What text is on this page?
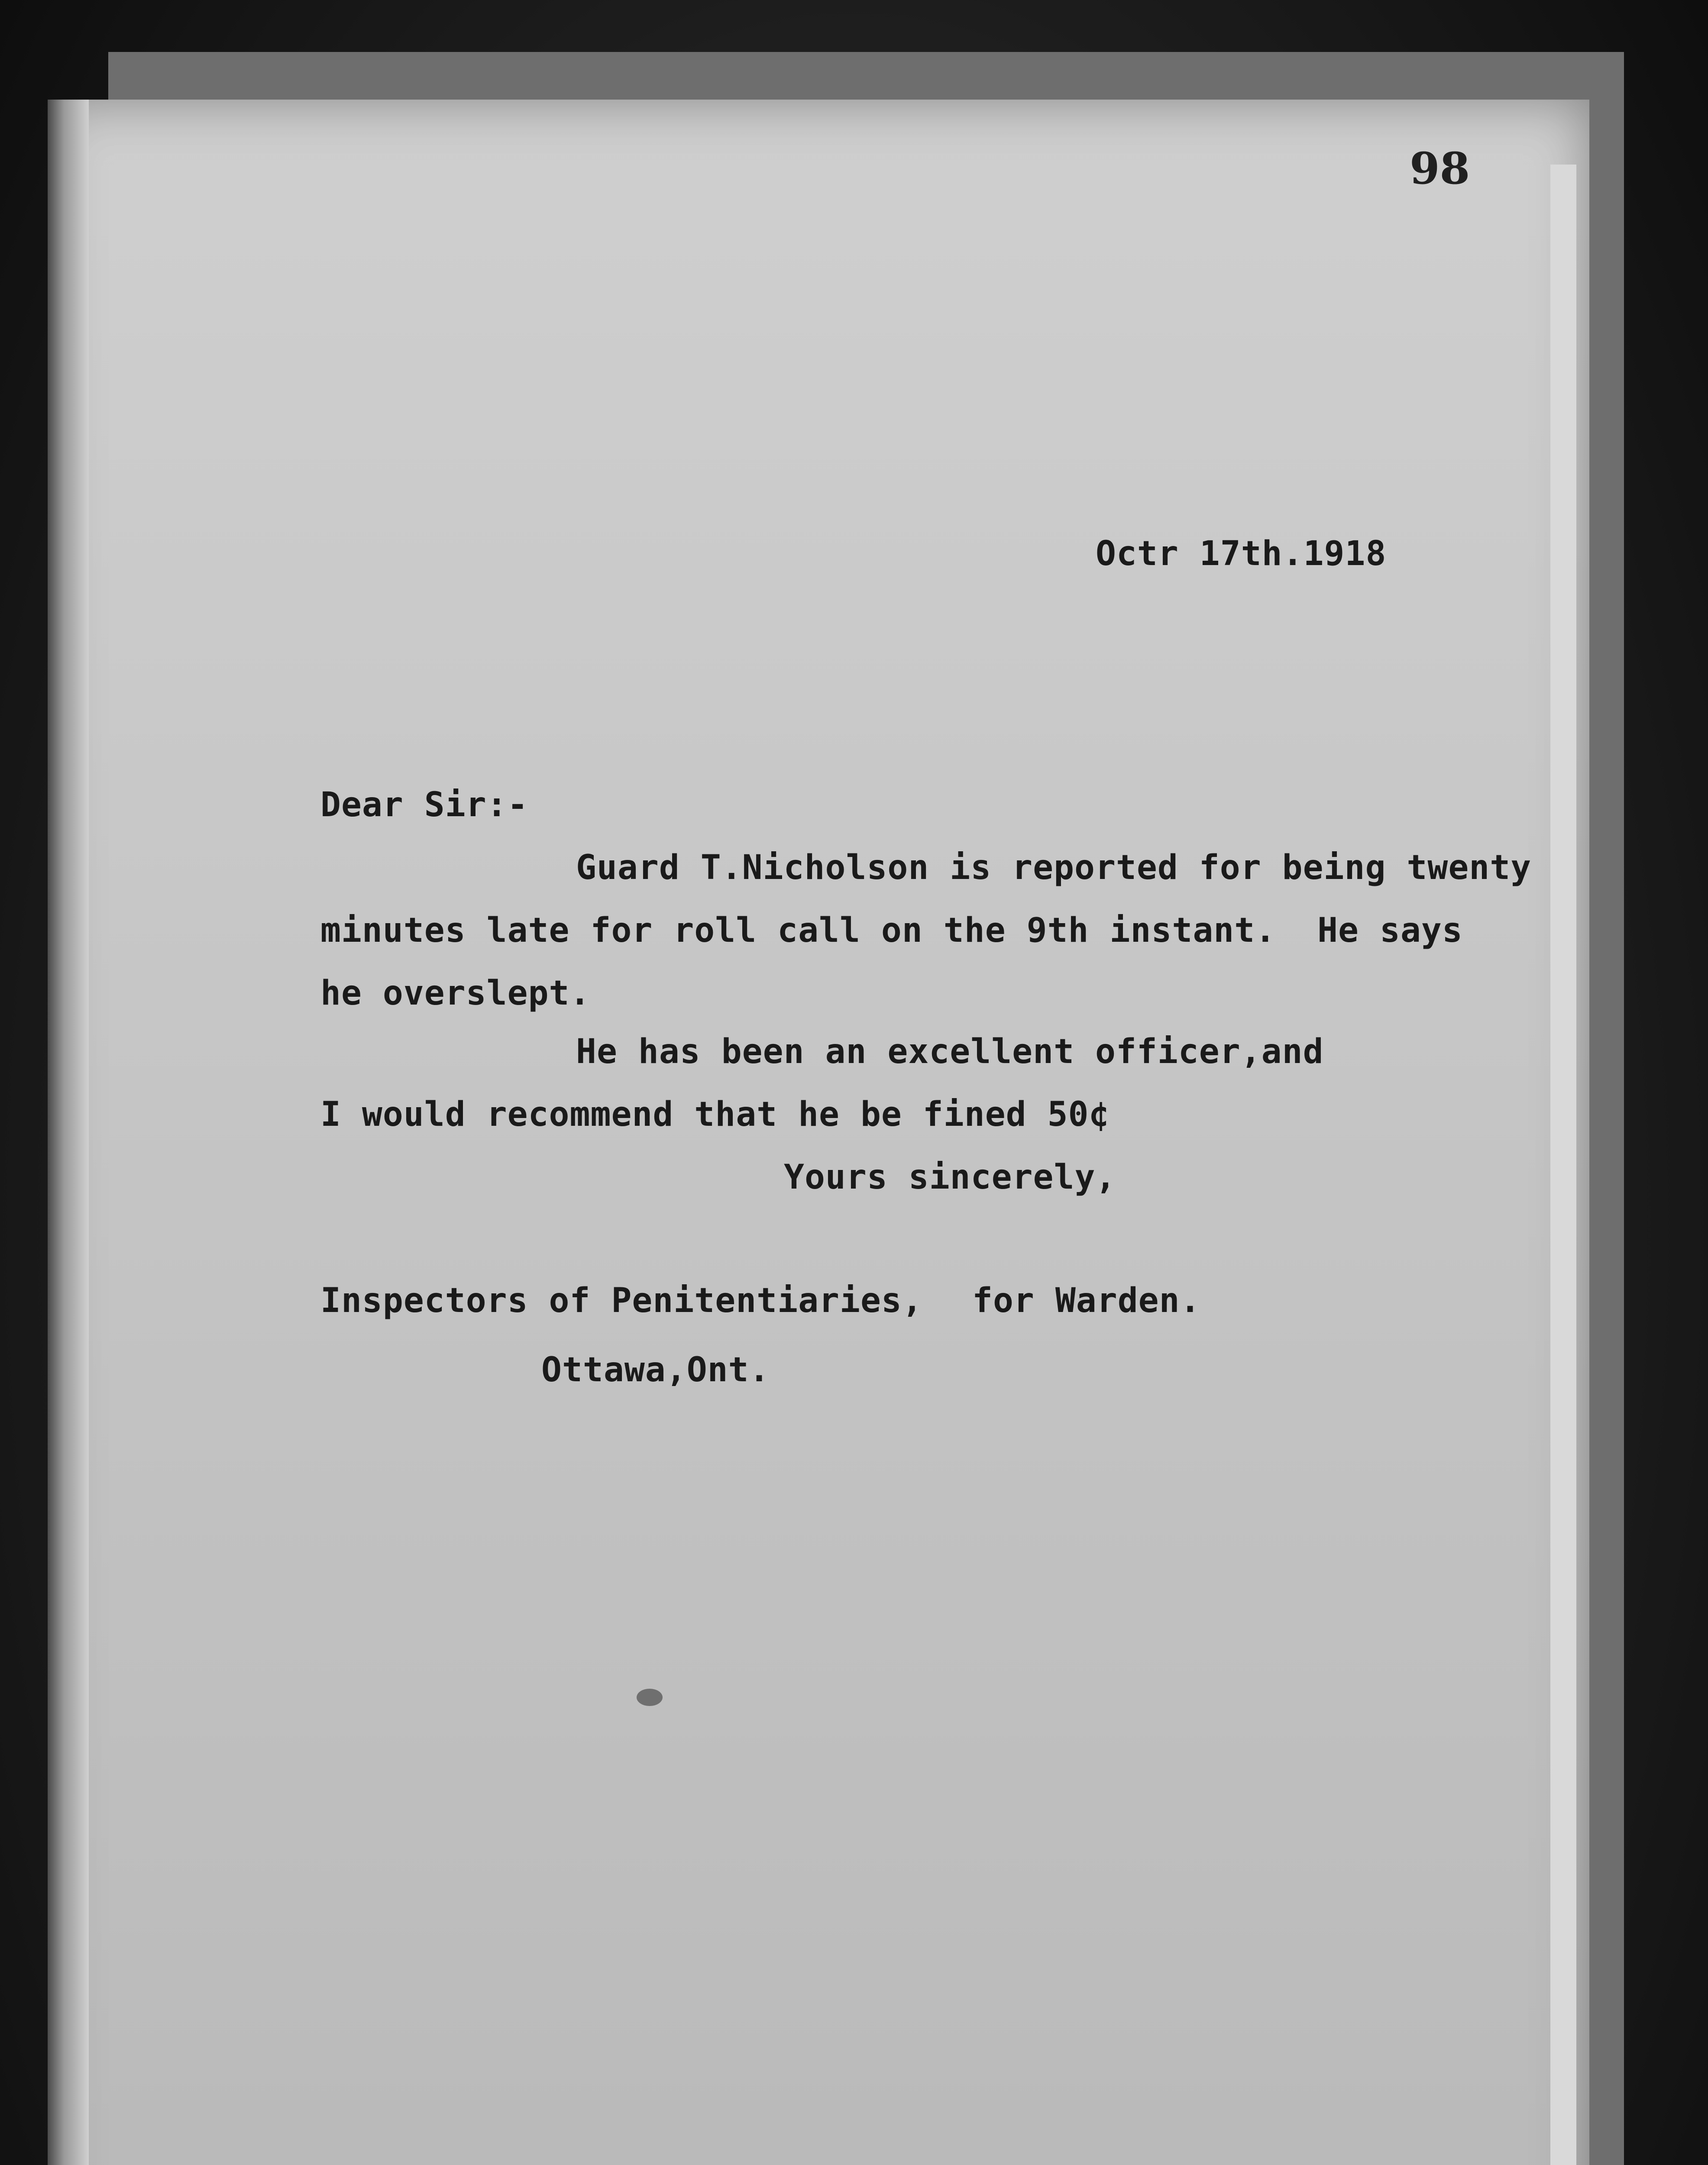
98
Octr 17th.1918
Dear Sir:-
Guard T.Nicholson is reported for being twenty
minutes late for roll call on the 9th instant.  He says
he overslept.
He has been an excellent officer,and
I would recommend that he be fined 50¢
Yours sincerely,
Inspectors of Penitentiaries, for Warden.
Ottawa,Ont.
